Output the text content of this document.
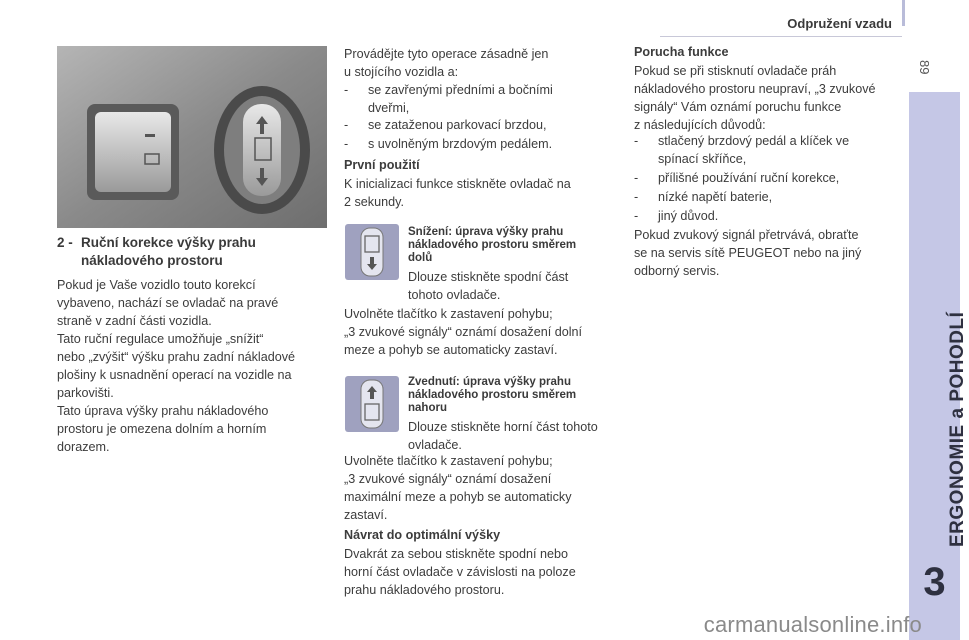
Odpružení vzadu
89
ERGONOMIE a POHODLÍ
3
2 - Ruční korekce výšky prahu
nákladového prostoru
Pokud je Vaše vozidlo touto korekcí
vybaveno, nachází se ovladač na pravé
straně v zadní části vozidla.
Tato ruční regulace umožňuje „snížit“
nebo „zvýšit“ výšku prahu zadní nákladové
plošiny k usnadnění operací na vozidle na
parkovišti.
Tato úprava výšky prahu nákladového
prostoru je omezena dolním a horním
dorazem.
Provádějte tyto operace zásadně jen
u stojícího vozidla a:
- se zavřenými předními a bočními
dveřmi,
- se zataženou parkovací brzdou,
- s uvolněným brzdovým pedálem.
První použití
K inicializaci funkce stiskněte ovladač na
2 sekundy.
Snížení: úprava výšky prahu
nákladového prostoru směrem
dolů
Dlouze stiskněte spodní část
tohoto ovladače.
Uvolněte tlačítko k zastavení pohybu;
„3 zvukové signály“ oznámí dosažení dolní
meze a pohyb se automaticky zastaví.
Zvednutí: úprava výšky prahu
nákladového prostoru směrem
nahoru
Dlouze stiskněte horní část tohoto
ovladače.
Uvolněte tlačítko k zastavení pohybu;
„3 zvukové signály“ oznámí dosažení
maximální meze a pohyb se automaticky
zastaví.
Návrat do optimální výšky
Dvakrát za sebou stiskněte spodní nebo
horní část ovladače v závislosti na poloze
prahu nákladového prostoru.
Porucha funkce
Pokud se při stisknutí ovladače práh
nákladového prostoru neupraví, „3 zvukové
signály“ Vám oznámí poruchu funkce
z následujících důvodů:
- stlačený brzdový pedál a klíček ve
spínací skříňce,
- přílišné používání ruční korekce,
- nízké napětí baterie,
- jiný důvod.
Pokud zvukový signál přetrvává, obraťte
se na servis sítě PEUGEOT nebo na jiný
odborný servis.
carmanualsonline.info
